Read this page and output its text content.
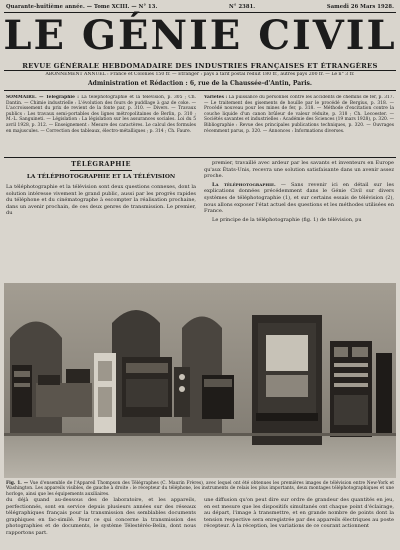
Quarante-huitième année. — Tome XCIII. — N° 13.	N° 2381.	Samedi 26 Mars 1928.
LE GÉNIE CIVIL
REVUE GÉNÉRALE HEBDOMADAIRE DES INDUSTRIES FRANÇAISES ET ÉTRANGÈRES
ABONNEMENT ANNUEL : France et Colonies 150 fr. — Étranger : pays à tarif postal réduit 180 fr., autres pays 200 fr. — Le n° 3 fr.
Administration et Rédaction : 6, rue de la Chaussée-d'Antin, Paris.
SOMMAIRE. — Télégraphie : La téléphotographie et la télévision, p. 305 ; Ch. Dantin. — Chimie industrielle : L'évolution des fours de puddlage à gaz de coke. — L'accroissement du prix de revient de la fonte par, p. 310. — Divers. — Travaux publics : Les travaux semi-portables des lignes métropolitaines de Berlin, p. 310 ; M.-L. Sanguineti. — Législation : La législation sur les assurances sociales. Loi du 5 avril 1928, p. 312. — Enseignement : Mesure des caractères. Le calcul des formules en majuscules. — Correction des tableaux, électro-métalliques ; p. 314 ; Ch. Faure.
Variétés : La puissance du personnel contre les accidents de chemins de fer, p. 317. — Le traitement des gisements de houille par le procédé de Bergius, p. 318. — Procédé nouveau pour les mines de fer, p. 318. — Méthode d'excitation contre la couche liquide d'un canon brûleur de valeur réduite, p. 318 ; Ch. Lecoester. — Sociétés savantes et industrielles : Académie des Sciences (19 mars 1928), p. 320. — Bibliographie : Revue des principales publications techniques, p. 320. — Ouvrages récemment parus, p. 320. — Annonces : Informations diverses.
TÉLÉGRAPHIE
LA TÉLÉPHOTOGRAPHIE ET LA TÉLÉVISION
La téléphotographie et la télévision sont deux questions connexes, dont la solution intéresse vivement le grand public, aussi par les progrès rapides du téléphone et du cinématographe à escompter la réalisation prochaine, dans un avenir prochain, de ces deux genres de transmission. Le premier, du
premier, travaillé avec ardeur par les savants et inventeurs en Europe qu'aux États-Unis, recevra une solution satisfaisante dans un avenir assez proche.
La téléphotographie. — Sans revenir ici en détail sur les explications données précédemment dans le Génie Civil sur divers systèmes de téléphotographie (1), et sur certains essais de télévision (2), nous allons exposer l'état actuel des questions et les méthodes utilisées en France.
Le principe de la téléphotographie (fig. 1) de télévision, pu
Fig. 1. — Vue d'ensemble de l'Appareil Thompson des Télégraphes (C. Maurin Frères), avec lequel ont été obtenues les premières images de télévision entre New-York et Washington. Les appareils visibles, de gauche à droite : le récepteur du téléphone, les instruments de relais les plus importants, deux montages téléphotographiques et une horloge, ainsi que les équipements auxiliaires.
du déjà quand au-dessous des de laboratoire, et les appareils, perfectionnés, sont en service depuis plusieurs années sur des réseaux télégraphiques français pour la transmission des semblables documents graphiques en fac-similé. Pour ce qui concerne la transmission des photographies et de documents, le système Télestéréo-Belin, dont nous rapportons part.
une diffusion qu'on peut dire sur ordre de grandeur des quantités en jeu, en est mesure que les dispositifs simultanés ont chaque point d'éclairage, au départ, l'image à transmettre, et en grande nombre de points dont la tension respective sera enregistrée par des appareils électriques au poste récepteur. À la réception, les variations de ce courant actionnent
